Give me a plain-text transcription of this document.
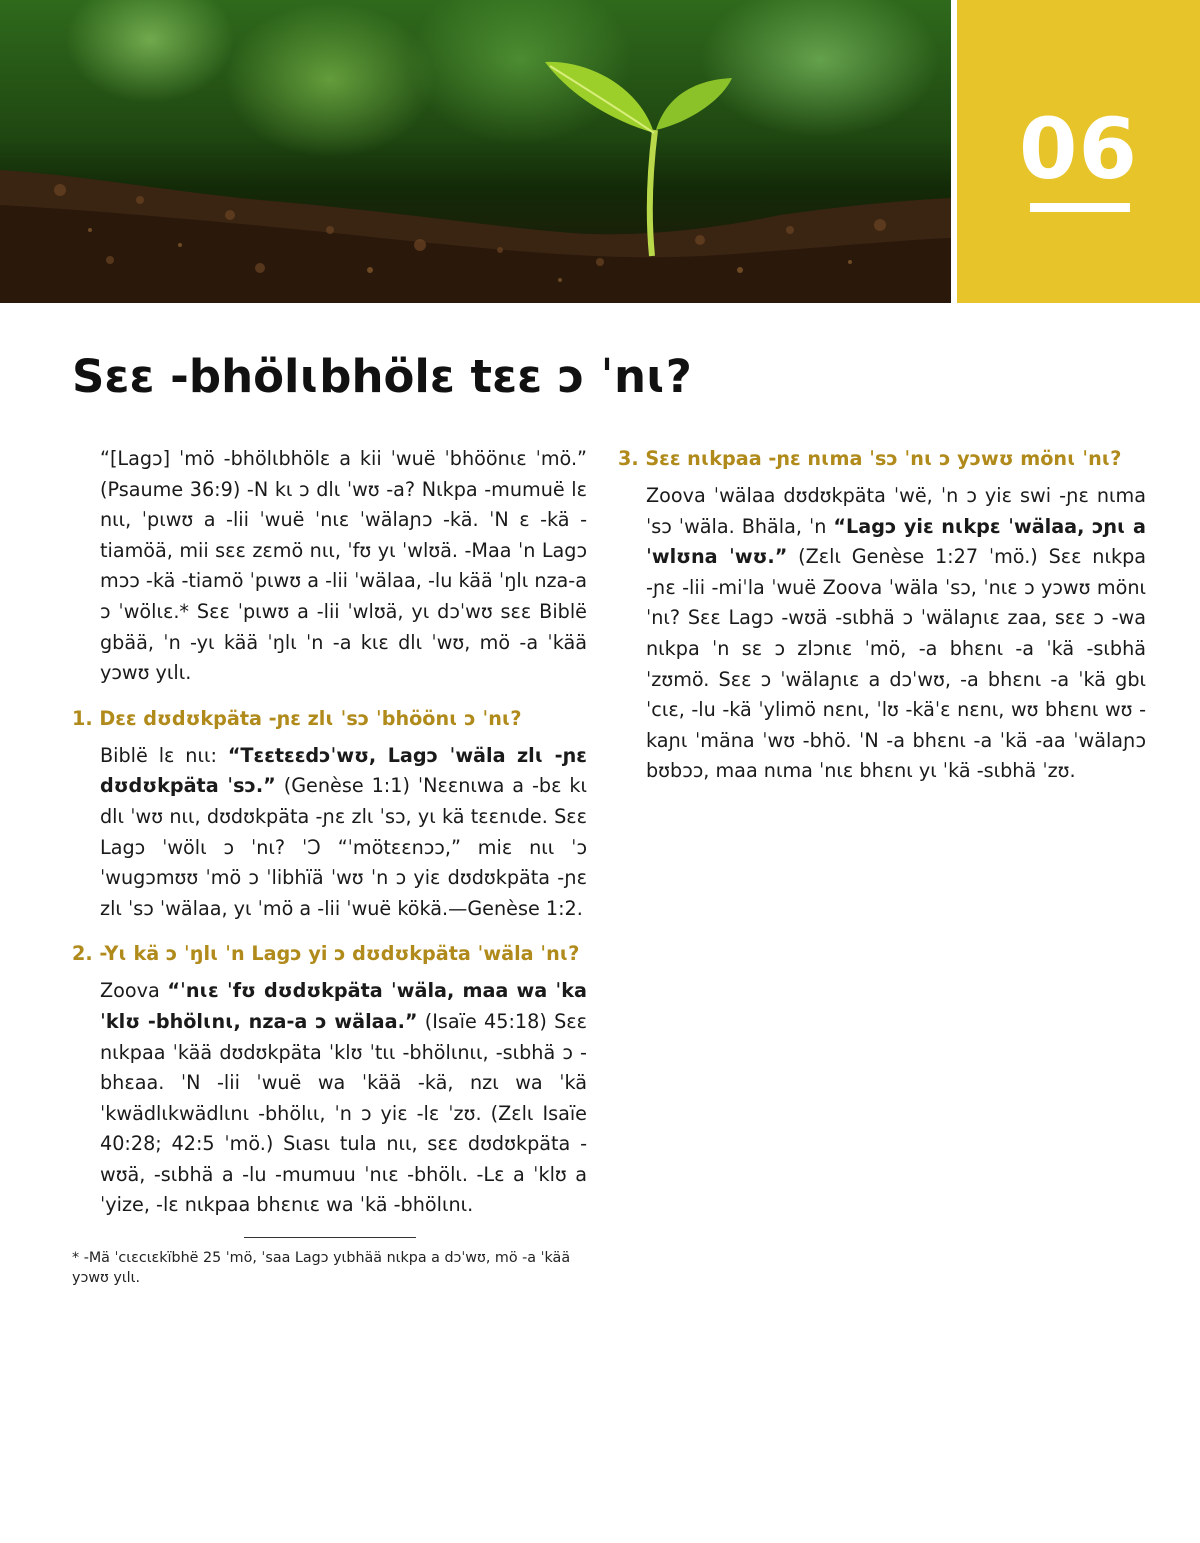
06
Sɛɛ -bhölɩbhölɛ tɛɛ ɔ ˈnɩ?

“[Lagɔ] ˈmö -bhölɩbhölɛ a kii ˈwuë ˈbhöönɩɛ ˈmö.” (Psaume 36:9) -N kɩ ɔ dlɩ ˈwʊ -a? Nɩkpa -mumuë lɛ nɩɩ, ˈpɩwʊ a -lii ˈwuë ˈnɩɛ ˈwälaɲɔ -kä. ˈN ɛ -kä -tiamöä, mii sɛɛ zɛmö nɩɩ, ˈfʊ yɩ ˈwlʊä. -Maa ˈn Lagɔ mɔɔ -kä -tiamö ˈpɩwʊ a -lii ˈwälaa, -lu kää ˈŋlɩ nza-a ɔ ˈwölɩɛ.* Sɛɛ ˈpɩwʊ a -lii ˈwlʊä, yɩ dɔˈwʊ sɛɛ Biblë gbää, ˈn -yɩ kää ˈŋlɩ ˈn -a kɩɛ dlɩ ˈwʊ, mö -a ˈkää yɔwʊ yɩlɩ.

1. Dɛɛ dʊdʊkpäta -ɲɛ zlɩ ˈsɔ ˈbhöönɩ ɔ ˈnɩ?

Biblë lɛ nɩɩ: “Tɛɛtɛɛdɔˈwʊ, Lagɔ ˈwäla zlɩ -ɲɛ dʊdʊkpäta ˈsɔ.” (Genèse 1:1) ˈNɛɛnɩwa a -bɛ kɩ dlɩ ˈwʊ nɩɩ, dʊdʊkpäta -ɲɛ zlɩ ˈsɔ, yɩ kä tɛɛnɩde. Sɛɛ Lagɔ ˈwölɩ ɔ ˈnɩ? ˈƆ “ˈmötɛɛnɔɔ,” miɛ nɩɩ ˈɔ ˈwugɔmʊʊ ˈmö ɔ ˈlibhïä ˈwʊ ˈn ɔ yiɛ dʊdʊkpäta -ɲɛ zlɩ ˈsɔ ˈwälaa, yɩ ˈmö a -lii ˈwuë kökä.—Genèse 1:2.

2. -Yɩ kä ɔ ˈŋlɩ ˈn Lagɔ yi ɔ dʊdʊkpäta ˈwäla ˈnɩ?

Zoova “ˈnɩɛ ˈfʊ dʊdʊkpäta ˈwäla, maa wa ˈka ˈklʊ -bhölɩnɩ, nza-a ɔ wälaa.” (Isaïe 45:18) Sɛɛ nɩkpaa ˈkää dʊdʊkpäta ˈklʊ ˈtɩɩ -bhölɩnɩɩ, -sɩbhä ɔ -bhɛaa. ˈN -lii ˈwuë wa ˈkää -kä, nzɩ wa ˈkä ˈkwädlɩkwädlɩnɩ -bhölɩɩ, ˈn ɔ yiɛ -lɛ ˈzʊ. (Zɛlɩ Isaïe 40:28; 42:5 ˈmö.) Sɩasɩ tula nɩɩ, sɛɛ dʊdʊkpäta -wʊä, -sɩbhä a -lu -mumuu ˈnɩɛ -bhölɩ. -Lɛ a ˈklʊ a ˈyize, -lɛ nɩkpaa bhɛnɩɛ wa ˈkä -bhölɩnɩ.

* -Mä ˈcɩɛcɩɛkïbhë 25 ˈmö, ˈsaa Lagɔ yɩbhää nɩkpa a dɔˈwʊ, mö -a ˈkää yɔwʊ yɩlɩ.

3. Sɛɛ nɩkpaa -ɲɛ nɩma ˈsɔ ˈnɩ ɔ yɔwʊ mönɩ ˈnɩ?

Zoova ˈwälaa dʊdʊkpäta ˈwë, ˈn ɔ yiɛ swi -ɲɛ nɩma ˈsɔ ˈwäla. Bhäla, ˈn “Lagɔ yiɛ nɩkpɛ ˈwälaa, ɔɲɩ a ˈwlʊna ˈwʊ.” (Zɛlɩ Genèse 1:27 ˈmö.) Sɛɛ nɩkpa -ɲɛ -lii -miˈla ˈwuë Zoova ˈwäla ˈsɔ, ˈnɩɛ ɔ yɔwʊ mönɩ ˈnɩ? Sɛɛ Lagɔ -wʊä -sɩbhä ɔ ˈwälaɲɩɛ zaa, sɛɛ ɔ -wa nɩkpa ˈn sɛ ɔ zlɔnɩɛ ˈmö, -a bhɛnɩ -a ˈkä -sɩbhä ˈzʊmö. Sɛɛ ɔ ˈwälaɲɩɛ a dɔˈwʊ, -a bhɛnɩ -a ˈkä gbɩ ˈcɩɛ, -lu -kä ˈylimö nɛnɩ, ˈlʊ -käˈɛ nɛnɩ, wʊ bhɛnɩ wʊ -kaɲɩ ˈmäna ˈwʊ -bhö. ˈN -a bhɛnɩ -a ˈkä -aa ˈwälaɲɔ bʊbɔɔ, maa nɩma ˈnɩɛ bhɛnɩ yɩ ˈkä -sɩbhä ˈzʊ.
